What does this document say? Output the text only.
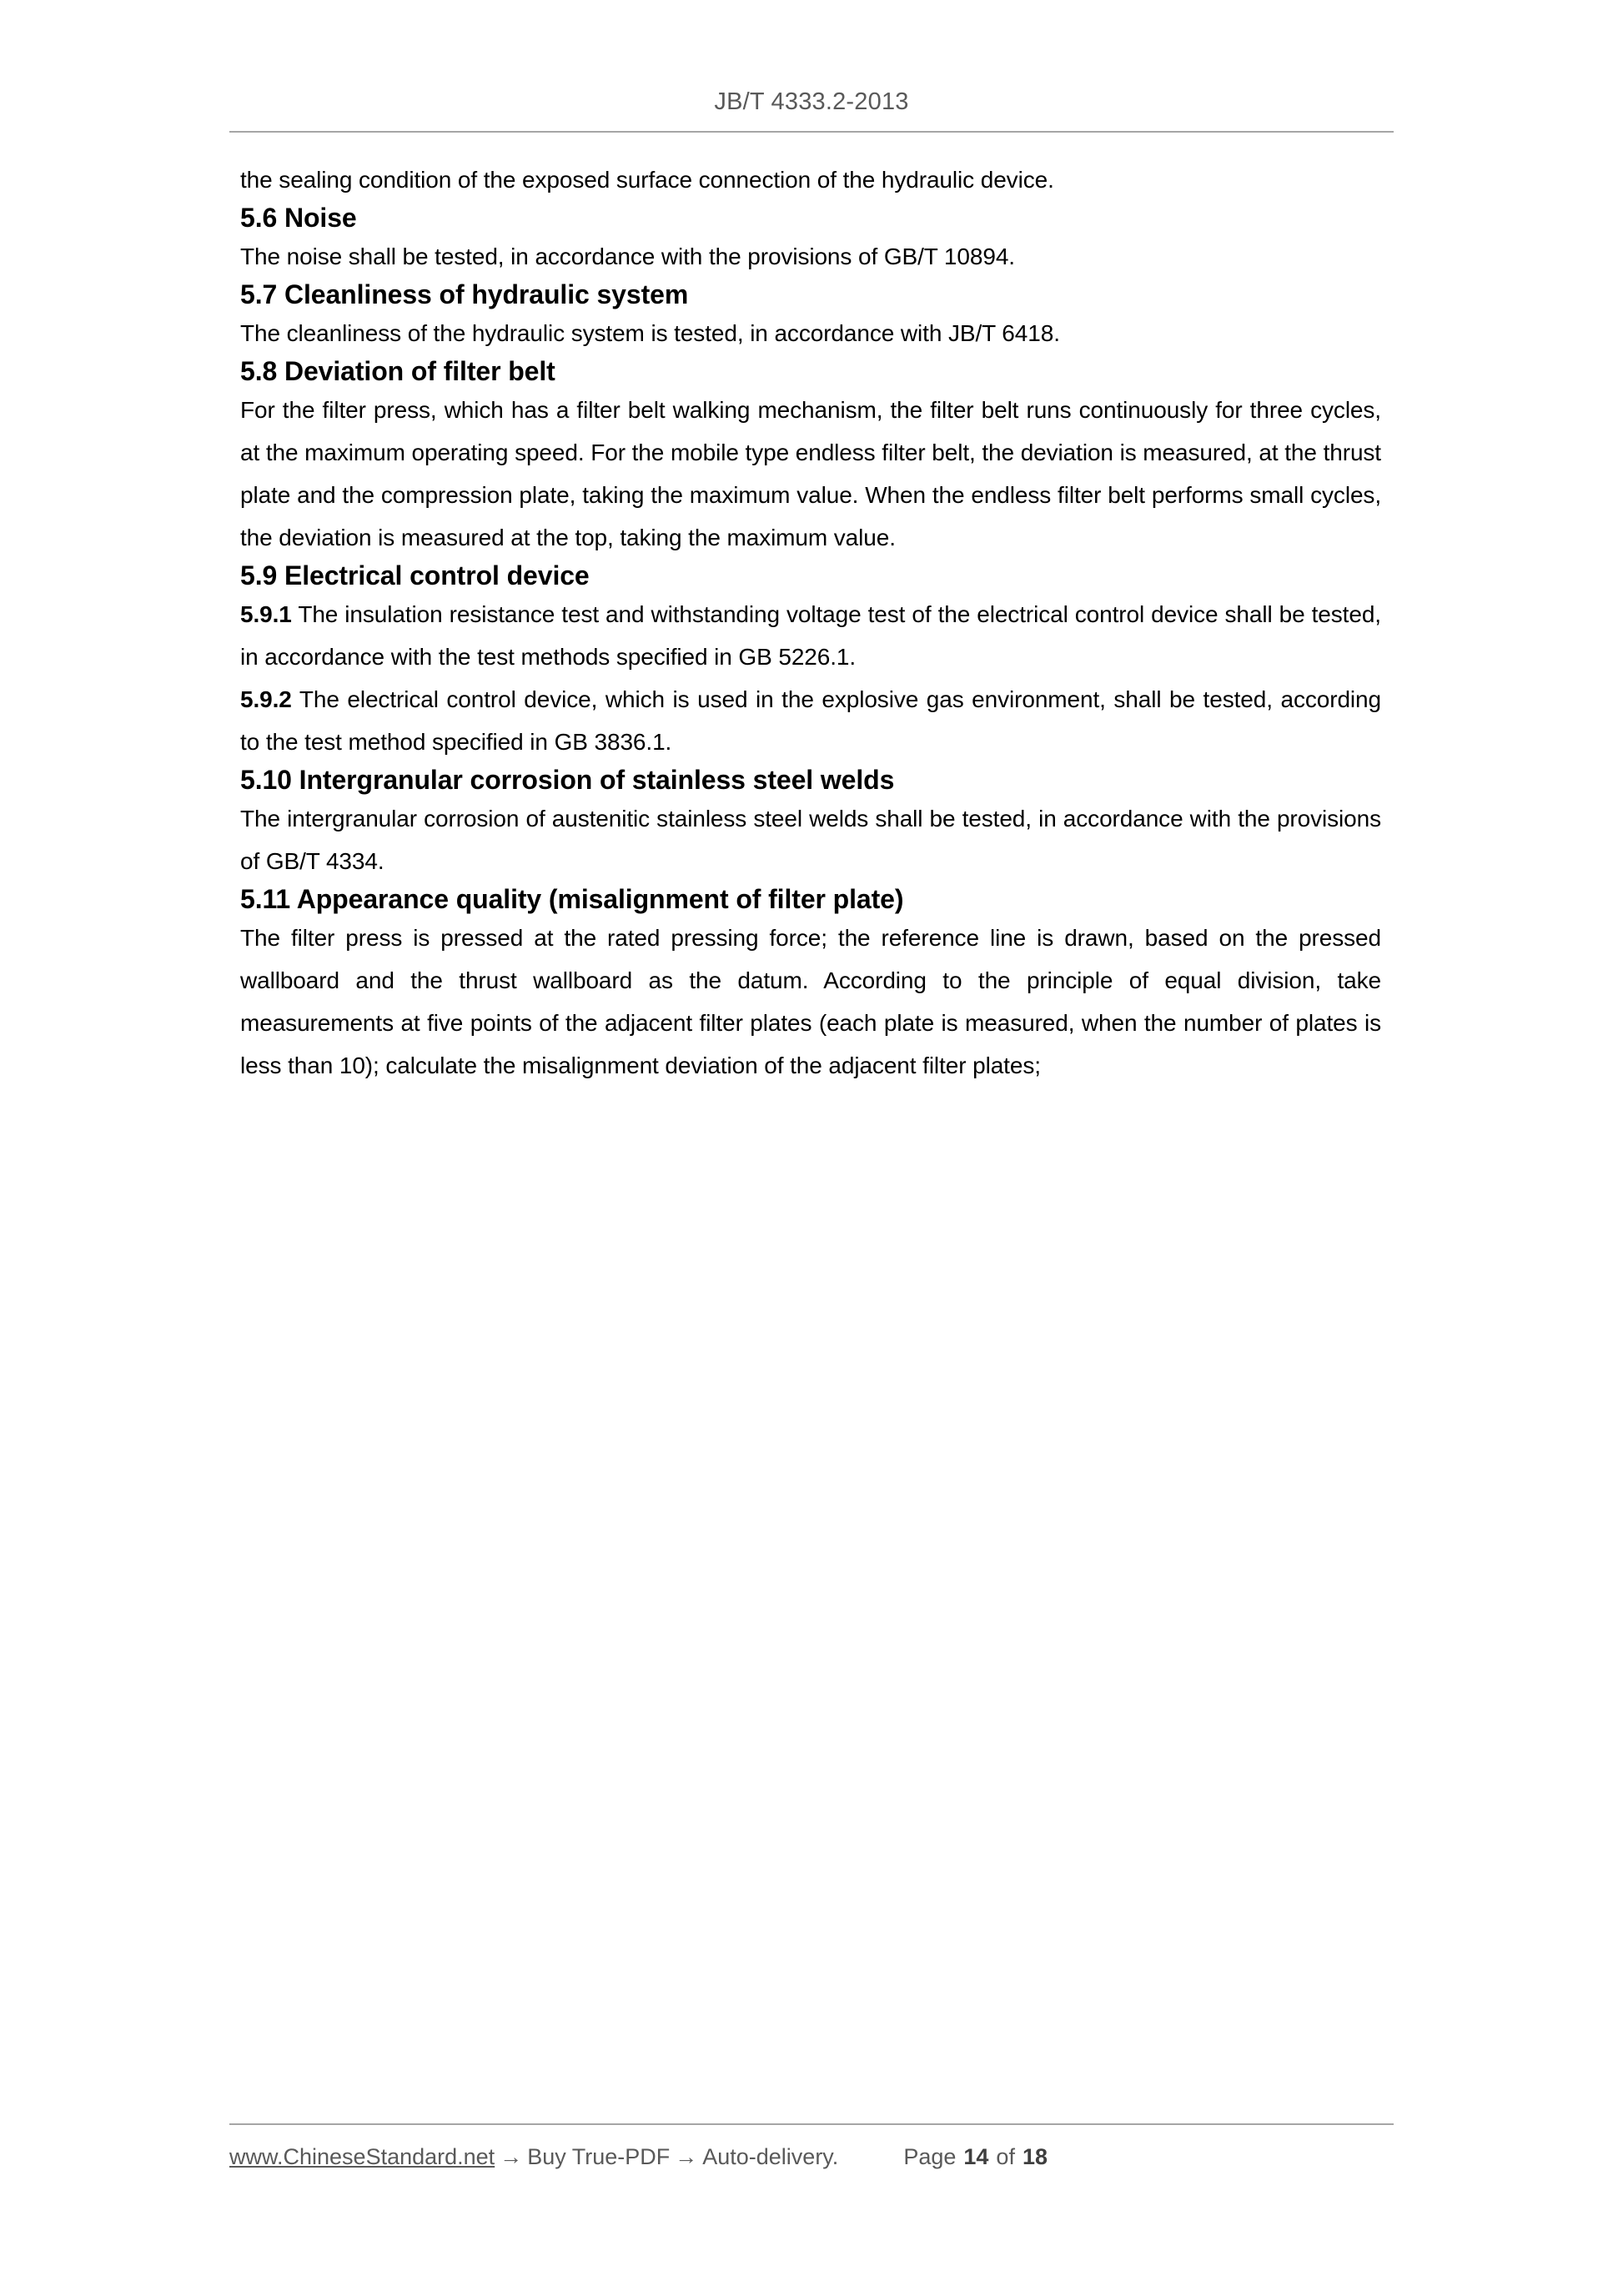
JB/T 4333.2-2013

the sealing condition of the exposed surface connection of the hydraulic device.

5.6 Noise

The noise shall be tested, in accordance with the provisions of GB/T 10894.

5.7 Cleanliness of hydraulic system

The cleanliness of the hydraulic system is tested, in accordance with JB/T 6418.

5.8 Deviation of filter belt

For the filter press, which has a filter belt walking mechanism, the filter belt runs continuously for three cycles, at the maximum operating speed. For the mobile type endless filter belt, the deviation is measured, at the thrust plate and the compression plate, taking the maximum value. When the endless filter belt performs small cycles, the deviation is measured at the top, taking the maximum value.

5.9 Electrical control device

5.9.1 The insulation resistance test and withstanding voltage test of the electrical control device shall be tested, in accordance with the test methods specified in GB 5226.1.

5.9.2 The electrical control device, which is used in the explosive gas environment, shall be tested, according to the test method specified in GB 3836.1.

5.10 Intergranular corrosion of stainless steel welds

The intergranular corrosion of austenitic stainless steel welds shall be tested, in accordance with the provisions of GB/T 4334.

5.11 Appearance quality (misalignment of filter plate)

The filter press is pressed at the rated pressing force; the reference line is drawn, based on the pressed wallboard and the thrust wallboard as the datum. According to the principle of equal division, take measurements at five points of the adjacent filter plates (each plate is measured, when the number of plates is less than 10); calculate the misalignment deviation of the adjacent filter plates;

www.ChineseStandard.net → Buy True-PDF → Auto-delivery.	Page 14 of 18
